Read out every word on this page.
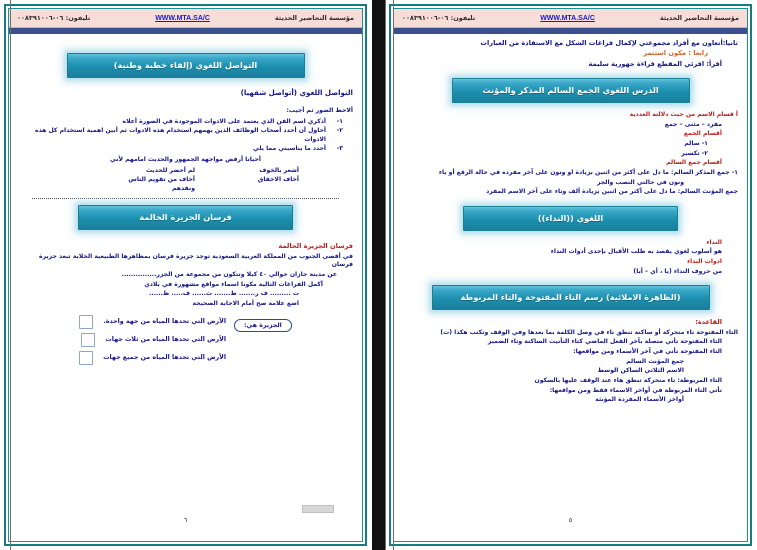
مؤسسة التحاضير الحديثة
WWW.MTA.SA/C
تليفون: ٠٦-٠٠٨٣٩١٠٠٦

ثانيا:أتعاون مع أفراد مجموعتي لإكمال فراغات الشكل مع الاستفادة من العبارات

رابعا : مكون استثمر

أقرأ: اقرئي المقطع قراءة جهورية سليمة

الدرس اللغوي الجمع السالم المذكر والمؤنث

أ قسام الاسم من حيث دلالته العددية

مفرد – مثنى – جمع

أقسام الجمع

١- سالم

٢- تكسير

أقسام جمع السالم

١- جمع المذكر السالم: ما دل على أكثر من اثنين بزيادة او ونون على آخر مفرده في حالة الرفع أو ياء

ونون في حالتي النصب والجر

جمع المؤنث السالم: ما دل على أكثر من اثنين بزيادة ألف وتاء على آخر الاسم المفرد

اللغوي ((النداء))

النداء

هو أسلوب لغوي يقصد به طلب الأقبال بإحدى أدوات النداء

ادوات النداء

من حروف النداء (يا ، أي – أيا)

(الظاهرة الاملائية) رسم التاء المفتوحة والتاء المربوطة

القاعدة:

التاء المفتوحة تاء متحركة أو ساكنة تنطق تاء في وصل الكلمة بما بعدها وفي الوقف وتكتب هكذا (ت)

التاء المفتوحة تأتي متصلة بآخر الفعل الماضي كتاء التأنيث الساكنة وتاء الضمير

التاء المفتوحة تأتي في آخر الأسماء ومن مواقعها:

جمع المؤنث السالم

الاسم الثلاثي الساكن الوسط

التاء المربوطة: تاء متحركة تنطق هاء عند الوقف عليها بالسكون

تأتي التاء المربوطة في أواخر الاسماء فقط ومن مواقعها:

أواخر الأسماء المفردة المؤنثة

٥
مؤسسة التحاضير الحديثة
WWW.MTA.SA/C
تليفون: ٠٦-٠٠٨٣٩١٠٠٦
التواصل اللغوي (إلقاء خطبة وطنية)

التواصل اللغوي (أتواصل شفهيا)

ألاحظ الصور ثم أجيب:

١-
أذكري اسم الفن الذي يعتمد على الادوات الموجودة في الصورة أعلاه
٢-
أحاول أن أحدد أصحاب الوظائف الذين يهمهم استخدام هذه الادوات ثم أبين اهمية استخدام كل هذه الادوات
٣-
أحدد ما يناسبني مما يلي

أحيانا أرفض مواجهة الجمهور والحديث امامهم لأني

أشعر بالخوف
لم أحضر للحديث
أخاف الاخفاق
أخاف من تقويم الناس ونقدهم
فرسان الجزيرة الحالمة

فرسان الجزيرة الحالمة

في أقصى الجنوب من المملكة العربية السعودية توجد جزيرة فرسان بمظاهرها الطبيعية الخلابة تبعد جزيرة فرسان

عن مدينة جازان حوالي ٤٠ كيلا وتتكون من مجموعة من الجزر...............

أكمل الفراغات التالية مكونا اسماء مواقع مشهورة في بلادي

ت ......... ف ر....... ظ....... ث...... ف..... ظ......

اضع علامة صح أمام الاجابة الصحيحة

الجزيرة هي:
الأرض التي تحدها المياه من جهة واحدة.
الأرض التي تحدها المياه من ثلاث جهات
الأرض التي تحدها المياه من جميع جهات
٦
